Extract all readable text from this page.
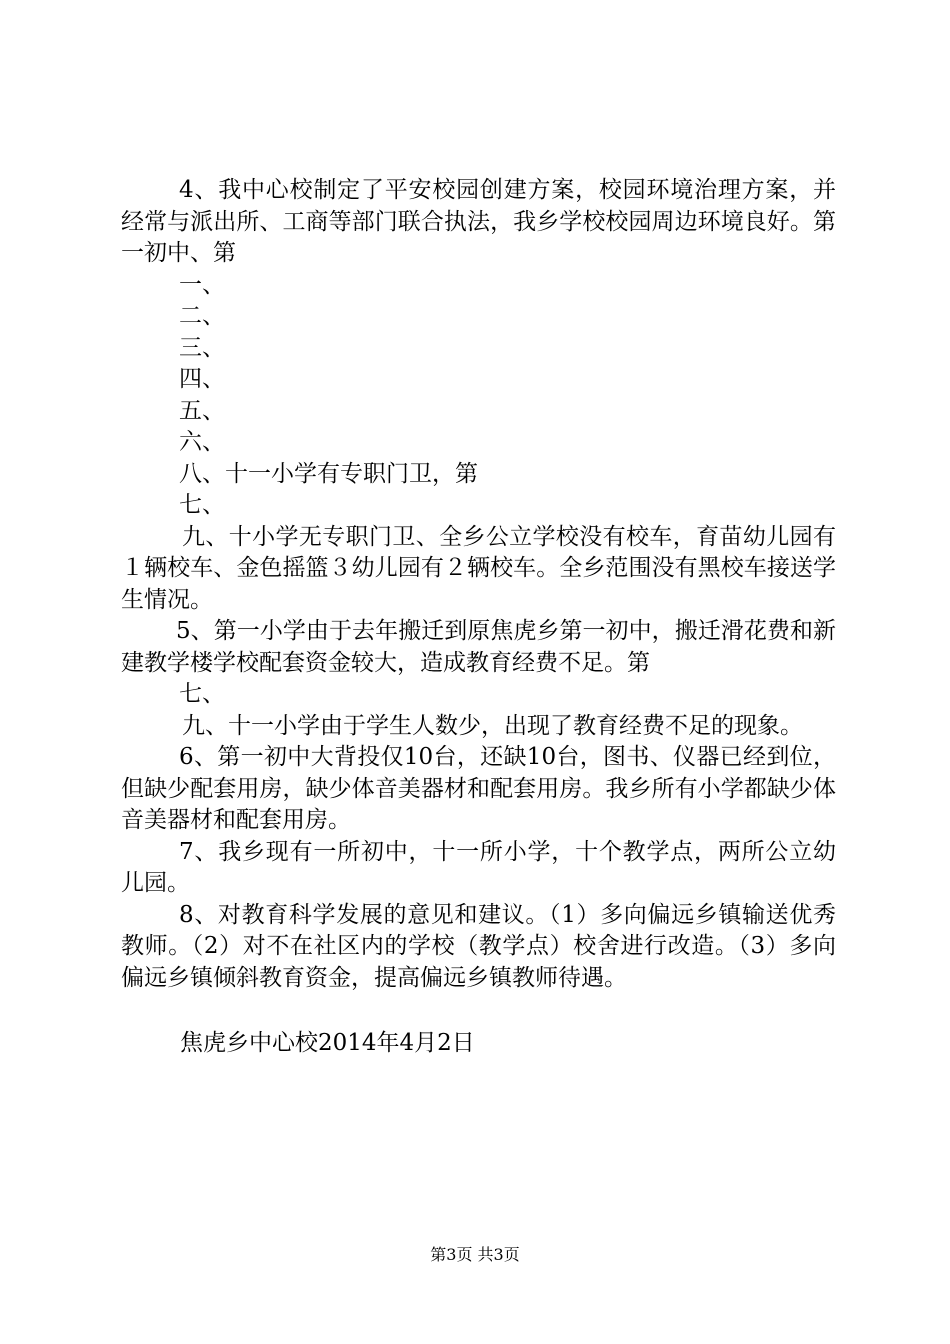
4、我中心校制定了平安校园创建方案，校园环境治理方案，并经常与派出所、工商等部门联合执法，我乡学校校园周边环境良好。第一初中、第

一、

二、

三、

四、

五、

六、

八、十一小学有专职门卫，第

七、

九、十小学无专职门卫、全乡公立学校没有校车，育苗幼儿园有１辆校车、金色摇篮３幼儿园有２辆校车。全乡范围没有黑校车接送学生情况。

5、第一小学由于去年搬迁到原焦虎乡第一初中，搬迁滑花费和新建教学楼学校配套资金较大，造成教育经费不足。第

七、

九、十一小学由于学生人数少，出现了教育经费不足的现象。

6、第一初中大背投仅10台，还缺10台，图书、仪器已经到位，但缺少配套用房，缺少体音美器材和配套用房。我乡所有小学都缺少体音美器材和配套用房。

7、我乡现有一所初中，十一所小学，十个教学点，两所公立幼儿园。

8、对教育科学发展的意见和建议。（1）多向偏远乡镇输送优秀教师。（2）对不在社区内的学校（教学点）校舍进行改造。（3）多向偏远乡镇倾斜教育资金，提高偏远乡镇教师待遇。

焦虎乡中心校2014年4月2日
第3页 共3页
